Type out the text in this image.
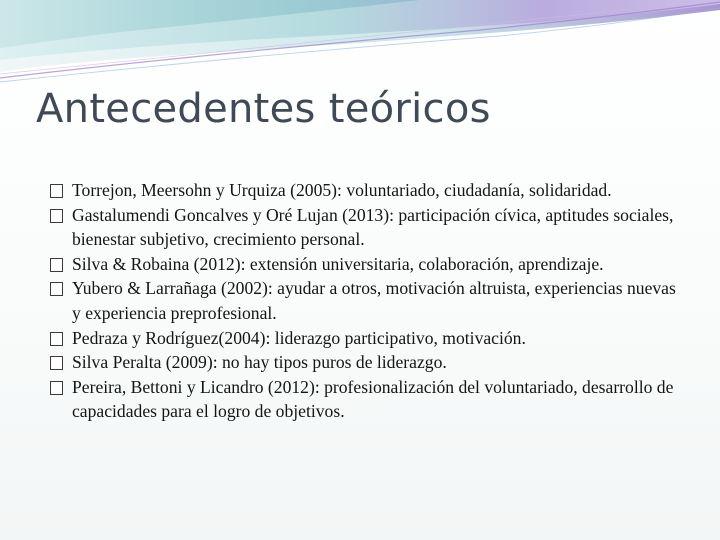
Antecedentes teóricos
Torrejon, Meersohn y Urquiza (2005): voluntariado, ciudadanía, solidaridad.
Gastalumendi Goncalves y Oré Lujan (2013): participación cívica, aptitudes sociales, bienestar subjetivo, crecimiento personal.
Silva & Robaina (2012): extensión universitaria, colaboración, aprendizaje.
Yubero & Larrañaga (2002): ayudar a otros, motivación altruista, experiencias nuevas y experiencia preprofesional.
Pedraza y Rodríguez(2004): liderazgo participativo, motivación.
Silva Peralta (2009): no hay tipos puros de liderazgo.
Pereira, Bettoni y Licandro (2012): profesionalización del voluntariado, desarrollo de capacidades para el logro de objetivos.
